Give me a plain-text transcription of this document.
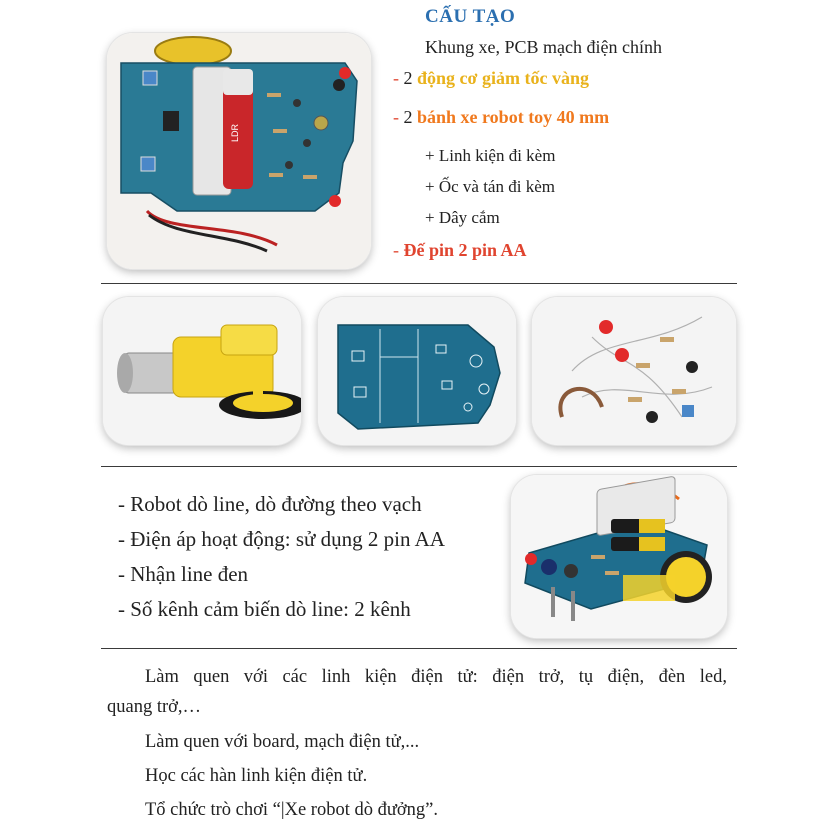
LDR
CẤU TẠO
Khung xe, PCB mạch điện chính
- 2 động cơ giảm tốc vàng
- 2 bánh xe robot toy 40 mm
+ Linh kiện đi kèm
+ Ốc và tán đi kèm
+ Dây cắm
- Đế pin 2 pin AA
- Robot dò line, dò đường theo vạch
- Điện áp hoạt động: sử dụng 2 pin AA
- Nhận line đen
- Số kênh cảm biến dò line: 2 kênh
Làm quen với các linh kiện điện tử: điện trở, tụ điện, đèn led,
quang trở,…
Làm quen với board, mạch điện tử,...
Học các hàn linh kiện điện tử.
Tổ chức trò chơi “|Xe robot dò đưởng”.
